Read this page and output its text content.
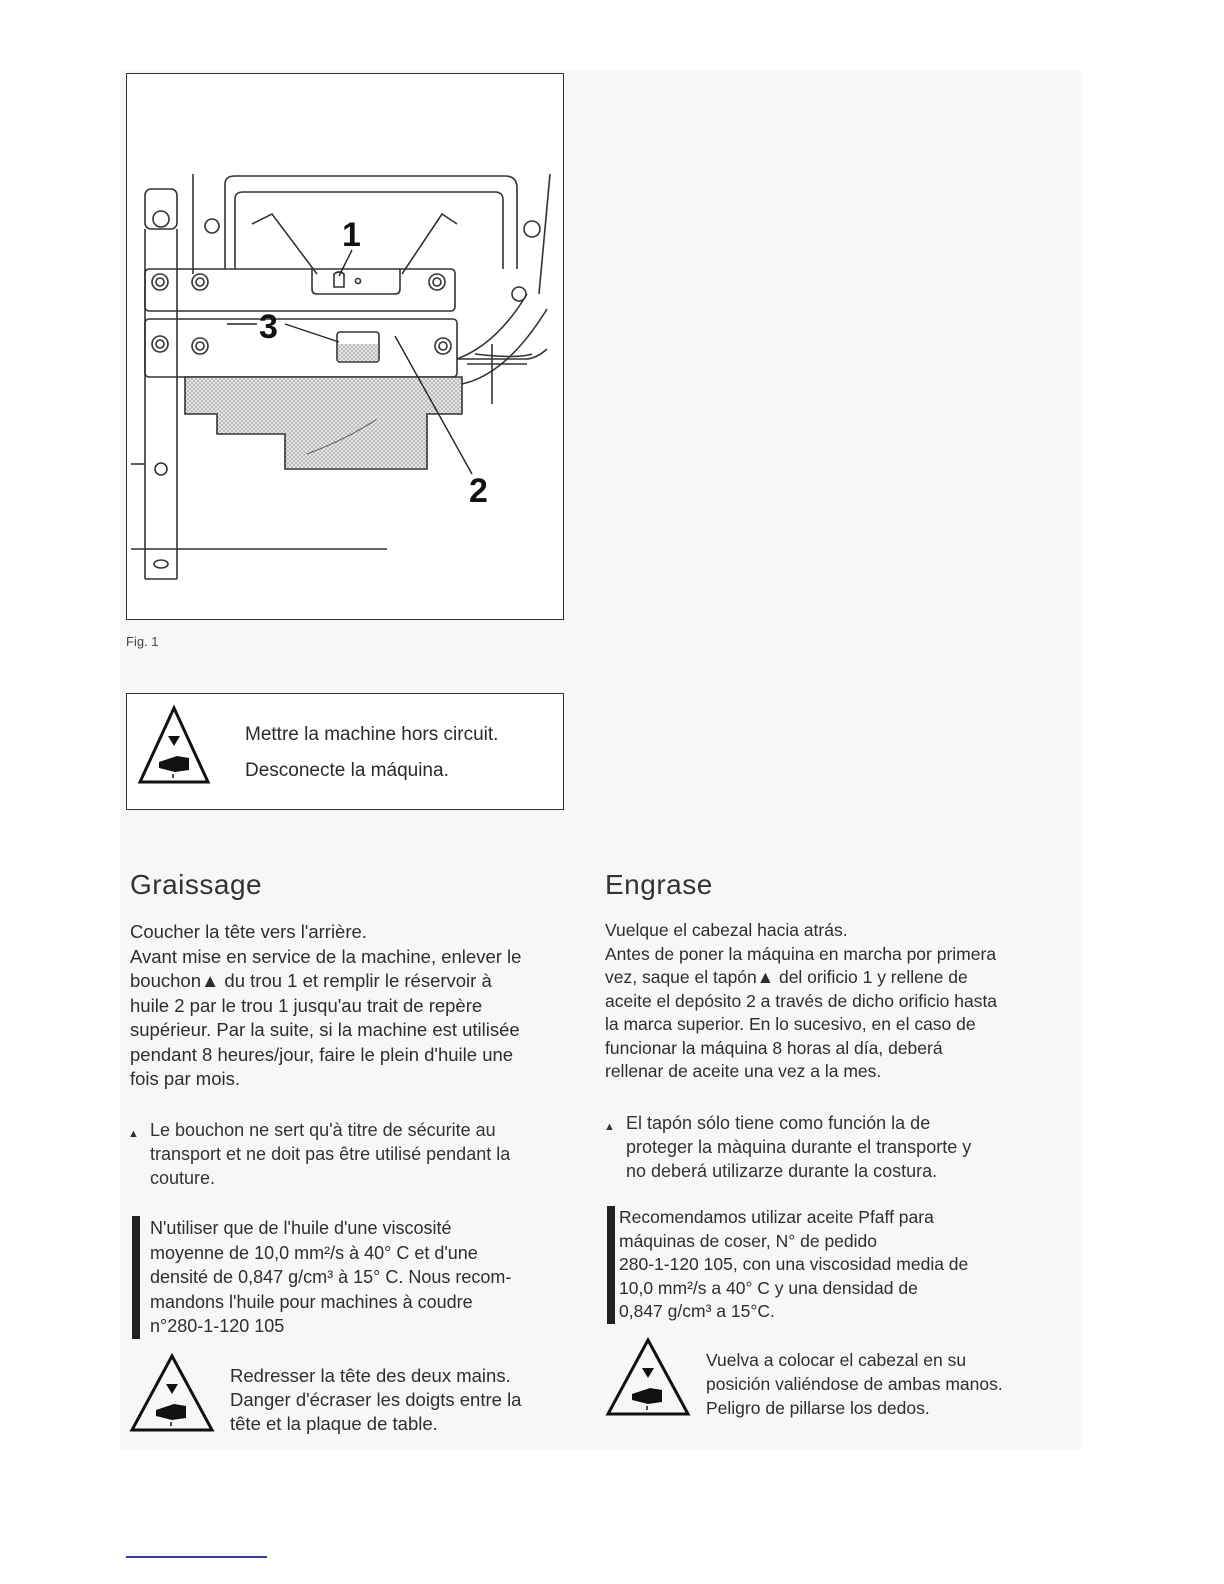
1
3
2
Fig. 1
Mettre la machine hors circuit.
Desconecte la máquina.
Graissage

Coucher la tête vers l'arrière.

Avant mise en service de la machine, enlever le

bouchon▲ du trou 1 et remplir le réservoir à

huile 2 par le trou 1 jusqu'au trait de repère

supérieur. Par la suite, si la machine est utilisée

pendant 8 heures/jour, faire le plein d'huile une

fois par mois.

▲ Le bouchon ne sert qu'à titre de sécurite au
transport et ne doit pas être utilisé pendant la
couture.
N'utiliser que de l'huile d'une viscosité
moyenne de 10,0 mm²/s à 40° C et d'une
densité de 0,847 g/cm³ à 15° C. Nous recom-
mandons l'huile pour machines à coudre
n°280-1-120 105
Redresser la tête des deux mains.
Danger d'écraser les doigts entre la
tête et la plaque de table.
Engrase

Vuelque el cabezal hacia atrás.

Antes de poner la máquina en marcha por primera

vez, saque el tapón▲ del orificio 1 y rellene de

aceite el depósito 2 a través de dicho orificio hasta

la marca superior. En lo sucesivo, en el caso de

funcionar la máquina 8 horas al día, deberá

rellenar de aceite una vez a la mes.

▲ El tapón sólo tiene como función la de
proteger la màquina durante el transporte y
no deberá utilizarze durante la costura.
Recomendamos utilizar aceite Pfaff para
máquinas de coser, N° de pedido
280-1-120 105, con una viscosidad media de
10,0 mm²/s a 40° C y una densidad de
0,847 g/cm³ a 15°C.
Vuelva a colocar el cabezal en su
posición valiéndose de ambas manos.
Peligro de pillarse los dedos.
